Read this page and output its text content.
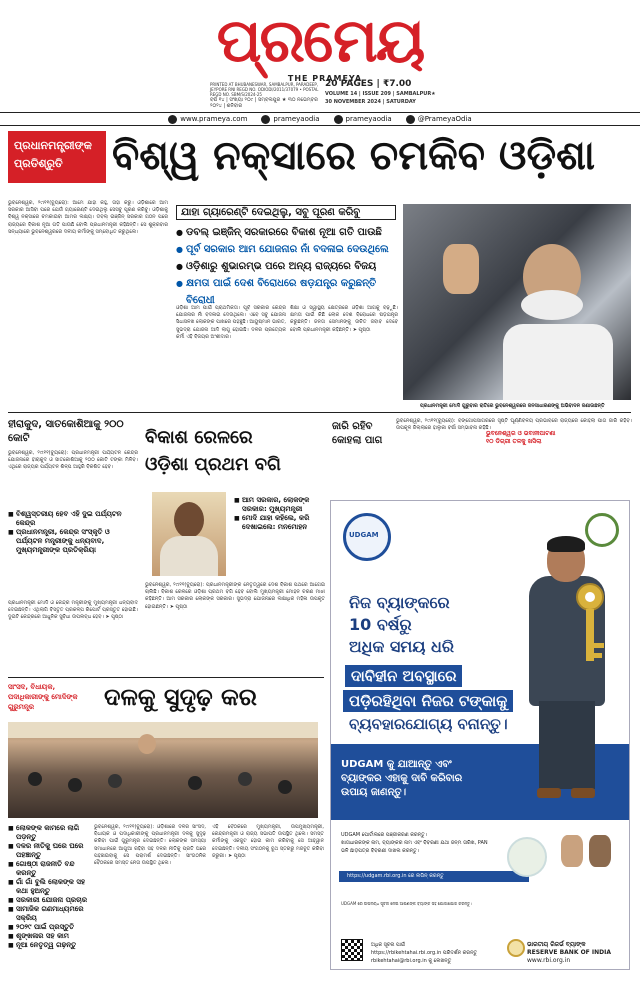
ପ୍ରମେୟ
THE PRAMEYA
PRINTED AT BHUBANESWAR, SAMBALPUR, PARADEEP, JEYPORE RNI REGD NO. ODIODI/2011/37079 • POSTAL REGD NO. SBM/S/2024-25
ବର୍ଷ ୧୪ | ସଂଖ୍ୟା ୨୦୯ | ସମ୍ବଲପୁର ★ ୩୦ ନଭେମ୍ବର ୨୦୨୪ | ଶନିବାର
20 PAGES | ₹7.00
VOLUME 14 | ISSUE 209 | SAMBALPUR★
30 NOVEMBER 2024 | SATURDAY
www.prameya.com	prameyaodia	prameyaodia	@PrameyaOdia
ପ୍ରଧାନମନ୍ତ୍ରୀଙ୍କ ପ୍ରତିଶ୍ରୁତି	ବିଶ୍ୱ ନକ୍ସାରେ ଚମକିବ ଓଡ଼ିଶା
ଭୁବନେଶ୍ୱର, ୨୯ା୧୧(ବ୍ୟୁରୋ): ଆମେ ଯାହା କହୁ, ତାହା କରୁ। ଓଡ଼ିଶାରେ ଆମ ସରକାର ଆସିବା ପରେ ଯେଉଁ ଗ୍ୟାରେଣ୍ଟି ଦେଇଥିଲୁ ସେସବୁ ପୂରଣ କରିବୁ। ଓଡ଼ିଶାକୁ ବିଶ୍ୱ ନକ୍ସାରେ ଚମକାଇବା ଆମର ଲକ୍ଷ୍ୟ। ଡବଲ୍ ଇଞ୍ଜିନ୍ ସରକାର ଗଠନ ପରେ ରାଜ୍ୟରେ ବିକାଶ ନୂଆ ଗତି ପାଉଛି ବୋଲି ପ୍ରଧାନମନ୍ତ୍ରୀ କହିଛନ୍ତି। ସେ ଶୁକ୍ରବାର ସନ୍ଧ୍ୟାରେ ଭୁବନେଶ୍ୱରରେ ଦଳୀୟ କର୍ମୀଙ୍କୁ ସମ୍ବୋଧିତ କରୁଥିଲେ।
ଯାହା ଗ୍ୟାରେଣ୍ଟି ଦେଇଥିଲୁ, ସବୁ ପୂରଣ କରିବୁ
● ଡବଲ୍ ଇଞ୍ଜିନ୍ ସରକାରରେ ବିକାଶ ନୂଆ ଗତି ପାଉଛି
● ପୂର୍ବ ସରକାର ଆମ ଯୋଜନାର ନାଁ ବଦଳାଇ ଦେଉଥିଲେ
● ଓଡ଼ିଶାରୁ ଶୁଭାରମ୍ଭ ପରେ ଅନ୍ୟ ରାଜ୍ୟରେ ବିଜୟ
● କ୍ଷମତା ପାଇଁ ଦେଶ ବିରୋଧରେ ଷଡ଼ଯନ୍ତ୍ର କରୁଛନ୍ତି ବିରୋଧୀ
ଓଡ଼ିଶା ଆମ ପାଇଁ ପ୍ରାଥମିକତା। ପୂର୍ବ ସରକାର କେନ୍ଦ୍ର ଯୋଜନାର ନାଁ ବଦଳାଇ ଦେଉଥିଲେ। ଏବେ ସବୁ ଯୋଜନା ସିଧାସଳଖ ଲୋକଙ୍କ ପାଖରେ ପହଞ୍ଚୁଛି। ଆୟୁଷ୍ମାନ ଭାରତ, ସୁଭଦ୍ରା ଯୋଜନା ଆଦି ଲାଗୁ ହୋଇଛି। ଦଳର ପ୍ରତ୍ୟେକ କର୍ମୀ ଏହି ବିଜୟର ଅଂଶୀଦାର।
ଶିକ୍ଷା ଓ ସ୍ୱାସ୍ଥ୍ୟ କ୍ଷେତ୍ରରେ ଓଡ଼ିଶା ଆଗକୁ ବଢ଼ୁଛି। କ୍ଷମତା ପାଇଁ କିଛି ଲୋକ ଦେଶ ବିରୋଧରେ ଷଡ଼ଯନ୍ତ୍ର କରୁଛନ୍ତି। ଜନତା ସେମାନଙ୍କୁ ଉଚିତ ଜବାବ ଦେବେ ବୋଲି ପ୍ରଧାନମନ୍ତ୍ରୀ କହିଛନ୍ତି। ➤ ପୃଷ୍ଠା
ପ୍ରଧାନମନ୍ତ୍ରୀ ମୋଦି ଗୁରୁବାର ରାତିରେ ଭୁବନେଶ୍ୱରରେ ଜନସାଧାରଣଙ୍କୁ ଅଭିବାଦନ ଜଣାଉଛନ୍ତି
ହୀରାକୁଦ, ସାତକୋଶିଆକୁ ୨୦୦ କୋଟି
ଭୁବନେଶ୍ୱର, ୨୯ା୧୧(ବ୍ୟୁରୋ): ପ୍ରଧାନମନ୍ତ୍ରୀ ପର୍ଯ୍ୟଟନ କେନ୍ଦ୍ର ଯୋଜନାରେ ହୀରାକୁଦ ଓ ସାତକୋଶିଆକୁ ୨୦୦ କୋଟି ଟଙ୍କା ମିଳିବ। ଏଥିରେ ରାଜ୍ୟର ପର୍ଯ୍ୟଟନ ଶିଳ୍ପ ଆହୁରି ବିକଶିତ ହେବ।
■ ବିଶ୍ୱସ୍ତରୀୟ ହେବ ଏହି ଦୁଇ ପର୍ଯ୍ୟଟନ କେନ୍ଦ୍ର
■ ପ୍ରଧାନମନ୍ତ୍ରୀ, କେନ୍ଦ୍ର ସଂସ୍କୃତି ଓ ପର୍ଯ୍ୟଟନ ମନ୍ତ୍ରୀଙ୍କୁ ଧନ୍ୟବାଦ, ମୁଖ୍ୟମନ୍ତ୍ରୀଙ୍କ ପ୍ରତିକ୍ରିୟା
ପ୍ରଧାନମନ୍ତ୍ରୀ ମୋଦି ଓ କେନ୍ଦ୍ର ମନ୍ତ୍ରୀଙ୍କୁ ମୁଖ୍ୟମନ୍ତ୍ରୀ ଧନ୍ୟବାଦ ଦେଇଛନ୍ତି। ଏଥିଲାଗି ବିସ୍ତୃତ ପ୍ରକଳ୍ପ ରିପୋର୍ଟ ପ୍ରସ୍ତୁତ ହୋଇଛି। ଦୁଇଟି କେନ୍ଦ୍ରରେ ଆଧୁନିକ ସୁବିଧା ଉପଲବ୍ଧ ହେବ। ➤ ପୃଷ୍ଠା
ବିକାଶ ରେଳରେ
ଓଡ଼ିଶା ପ୍ରଥମ ବଗି
■ ଆମ ସରକାର, ଲୋକଙ୍କ ସରକାର: ମୁଖ୍ୟମନ୍ତ୍ରୀ
■ ମୋଦି ଯାହା କହିଲେ, କରି ଦେଖାଇଲେ: ମନମୋହନ
ଭୁବନେଶ୍ୱର, ୨୯ା୧୧(ବ୍ୟୁରୋ): ପ୍ରଧାନମନ୍ତ୍ରୀଙ୍କ ନେତୃତ୍ୱରେ ଦେଶ ବିକାଶ ପଥରେ ଆଗେଇ ଚାଲିଛି। ବିକାଶ ରେଳରେ ଓଡ଼ିଶା ପ୍ରଥମ ବଗି ହେବ ବୋଲି ମୁଖ୍ୟମନ୍ତ୍ରୀ ମୋହନ ଚରଣ ମାଝୀ କହିଛନ୍ତି। ଆମ ସରକାର ଲୋକଙ୍କ ସରକାର। ସୁଭଦ୍ରା ଯୋଜନାରେ ଲକ୍ଷାଧିକ ମହିଳା ଉପକୃତ ହୋଇଛନ୍ତି। ➤ ପୃଷ୍ଠା
ଜାରି ରହିବ କୋହଲା ପାଗ
ଭୁବନେଶ୍ୱର, ୨୯ା୧୧(ବ୍ୟୁରୋ): ବଙ୍ଗୋପସାଗରରେ ସୃଷ୍ଟି ଘୂର୍ଣ୍ଣିବଳୟ ପ୍ରଭାବରେ ରାଜ୍ୟରେ କୋହଲା ପାଗ ଜାରି ରହିବ। ଉପକୂଳ ଜିଲ୍ଲାରେ ହାଲୁକା ବର୍ଷା ସମ୍ଭାବନା ରହିଛି।
ଭୁବନେଶ୍ୱର ଓ ଭବାନୀପାଟଣା ୧୦ ଡିଗ୍ରୀ ତଳକୁ ଖସିଲା
UDGAM
ନିଜ ବ୍ୟାଙ୍କରେ
10 ବର୍ଷରୁ
ଅଧିକ ସମୟ ଧରି
ଦାବିହୀନ ଅବସ୍ଥାରେ
ପଡ଼ିରହିଥିବା ନିଜର ଟଙ୍କାକୁ
ବ୍ୟବହାରଯୋଗ୍ୟ ବନାନ୍ତୁ।
UDGAM କୁ ଯାଆନ୍ତୁ ଏବଂ ବ୍ୟାଙ୍କର ଏହାକୁ ଦାବି କରିବାର ଉପାୟ ଜାଣନ୍ତୁ।
UDGAM ପୋର୍ଟାଲରେ ପଞ୍ଜୀକରଣ କରନ୍ତୁ।
ଖାତାଧାରକଙ୍କ ନାମ, ବ୍ୟାଙ୍କର ନାମ ଏବଂ ବିବରଣୀ ଯଥା ଜନ୍ମ ତାରିଖ, PAN ଭଳି ଛାଡ଼ପତ୍ର ବିବରଣୀ ଦାଖଲ କରନ୍ତୁ।
https://udgam.rbi.org.in ରେ ଲଗିନ୍ କରନ୍ତୁ
UDGAM ରେ ଉପଲବ୍ଧ ସୂଚନା ନେଇ ଆପଣଙ୍କ ବ୍ୟାଙ୍କ ସହ ଯୋଗାଯୋଗ କରନ୍ତୁ।
ଅଧିକ ସୂଚନା ପାଇଁ
https://rbikehtahai.rbi.org.in ପରିଦର୍ଶନ କରନ୍ତୁ
rbikehtahai@rbi.org.in କୁ ଲେଖନ୍ତୁ
ଭାରତୀୟ ରିଜର୍ଭ ବ୍ୟାଙ୍କ
RESERVE BANK OF INDIA
www.rbi.org.in
ସାଂସଦ, ବିଧାୟକ, ପଦାଧିକାରୀଙ୍କୁ ମୋଦିଙ୍କ ଗୁରୁମନ୍ତ୍ର	ଦଳକୁ ସୁଦୃଢ଼ କର
■ ଲୋକଙ୍କ କାମରେ ଲାଗି ପଡ଼ନ୍ତୁ
■ ଦଳର ନୀତିକୁ ଘରେ ଘରେ ପହଞ୍ଚାନ୍ତୁ
■ ଗୋଷ୍ଠୀ ରାଜନୀତି ବନ୍ଦ କରନ୍ତୁ
■ ଗାଁ ଗାଁ ବୁଲି ଲୋକଙ୍କ ସହ କଥା ହୁଅନ୍ତୁ
■ ସରକାରୀ ଯୋଜନା ପ୍ରଚାର
■ ସାମାଜିକ ଗଣମାଧ୍ୟମରେ ସକ୍ରିୟ
■ ୨୦୨୯ ପାଇଁ ପ୍ରସ୍ତୁତି
■ ଶୃଙ୍ଖଳାର ସହ କାମ
■ ନୂଆ ନେତୃତ୍ୱ ଗଢ଼ନ୍ତୁ
ଭୁବନେଶ୍ୱର, ୨୯ା୧୧(ବ୍ୟୁରୋ): ଓଡ଼ିଶାରେ ଦଳର ସାଂସଦ, ବିଧାୟକ ଓ ପଦାଧିକାରୀଙ୍କୁ ପ୍ରଧାନମନ୍ତ୍ରୀ ଦଳକୁ ସୁଦୃଢ଼ କରିବା ପାଇଁ ଗୁରୁମନ୍ତ୍ର ଦେଇଛନ୍ତି। ଲୋକଙ୍କ ସମସ୍ୟା ସମାଧାନରେ ଆଗୁଆ ରହିବା ସହ ଦଳର ନୀତିକୁ ପ୍ରତି ଘରେ ପହଞ୍ଚାଇବାକୁ ସେ ପରାମର୍ଶ ଦେଇଛନ୍ତି। ସାଂଗଠନିକ ବୈଠକରେ ସମସ୍ତ ନେତା ଉପସ୍ଥିତ ଥିଲେ।
ଏହି ବୈଠକରେ ମୁଖ୍ୟମନ୍ତ୍ରୀ, ଉପମୁଖ୍ୟମନ୍ତ୍ରୀ, କେନ୍ଦ୍ରମନ୍ତ୍ରୀ ଓ ରାଜ୍ୟ ସଭାପତି ଉପସ୍ଥିତ ଥିଲେ। ସମସ୍ତ କର୍ମୀଙ୍କୁ ଏକଜୁଟ ହୋଇ କାମ କରିବାକୁ ସେ ଆହ୍ୱାନ ଦେଇଛନ୍ତି। ଦଳୀୟ ସଂଗଠନକୁ ବୁଥ ସ୍ତରରୁ ମଜବୁତ କରିବା ଜରୁରୀ। ➤ ପୃଷ୍ଠା
